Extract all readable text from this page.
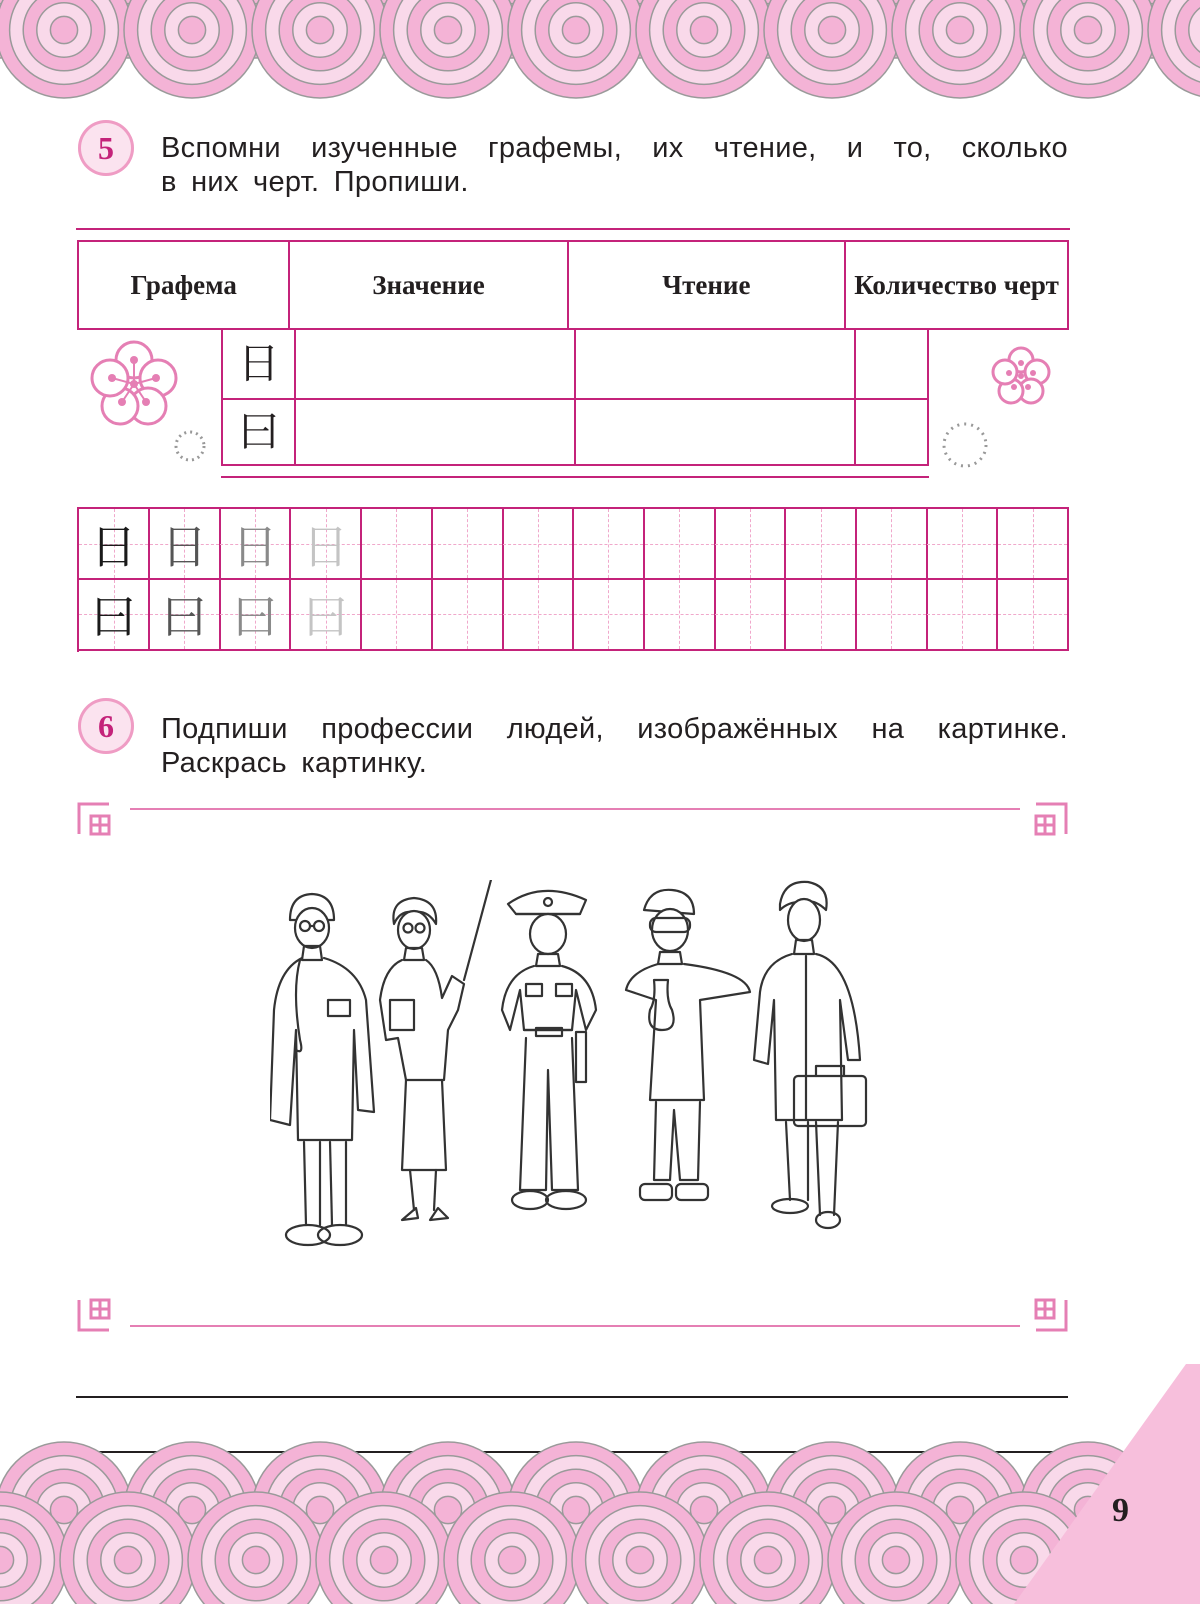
5 Вспомни изученные графемы, их чтение, и то, сколько
в них черт. Пропиши.
Графема	Значение	Чтение	Количество черт
日			
曰			
日 日 日 日
曰 曰 曰 曰
6 Подпиши профессии людей, изображённых на картинке.
Раскрась картинку.
9
